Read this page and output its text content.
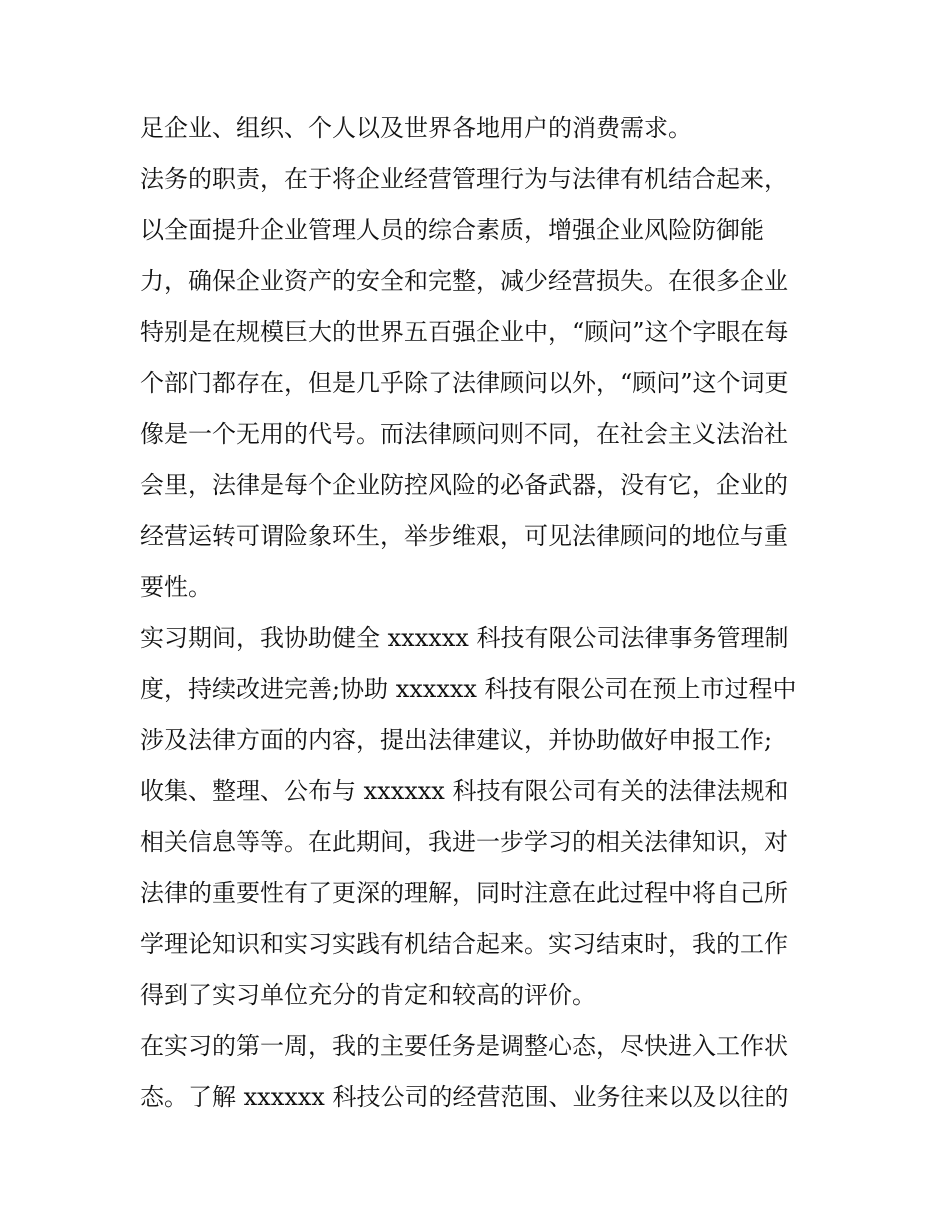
足企业、组织、个人以及世界各地用户的消费需求。
法务的职责，在于将企业经营管理行为与法律有机结合起来，
以全面提升企业管理人员的综合素质，增强企业风险防御能
力，确保企业资产的安全和完整，减少经营损失。在很多企业
特别是在规模巨大的世界五百强企业中，“顾问”这个字眼在每
个部门都存在，但是几乎除了法律顾问以外，“顾问”这个词更
像是一个无用的代号。而法律顾问则不同，在社会主义法治社
会里，法律是每个企业防控风险的必备武器，没有它，企业的
经营运转可谓险象环生，举步维艰，可见法律顾问的地位与重
要性。
实习期间，我协助健全 xxxxxx 科技有限公司法律事务管理制
度，持续改进完善;协助 xxxxxx 科技有限公司在预上市过程中
涉及法律方面的内容，提出法律建议，并协助做好申报工作;
收集、整理、公布与 xxxxxx 科技有限公司有关的法律法规和
相关信息等等。在此期间，我进一步学习的相关法律知识，对
法律的重要性有了更深的理解，同时注意在此过程中将自己所
学理论知识和实习实践有机结合起来。实习结束时，我的工作
得到了实习单位充分的肯定和较高的评价。
在实习的第一周，我的主要任务是调整心态，尽快进入工作状
态。了解 xxxxxx 科技公司的经营范围、业务往来以及以往的
